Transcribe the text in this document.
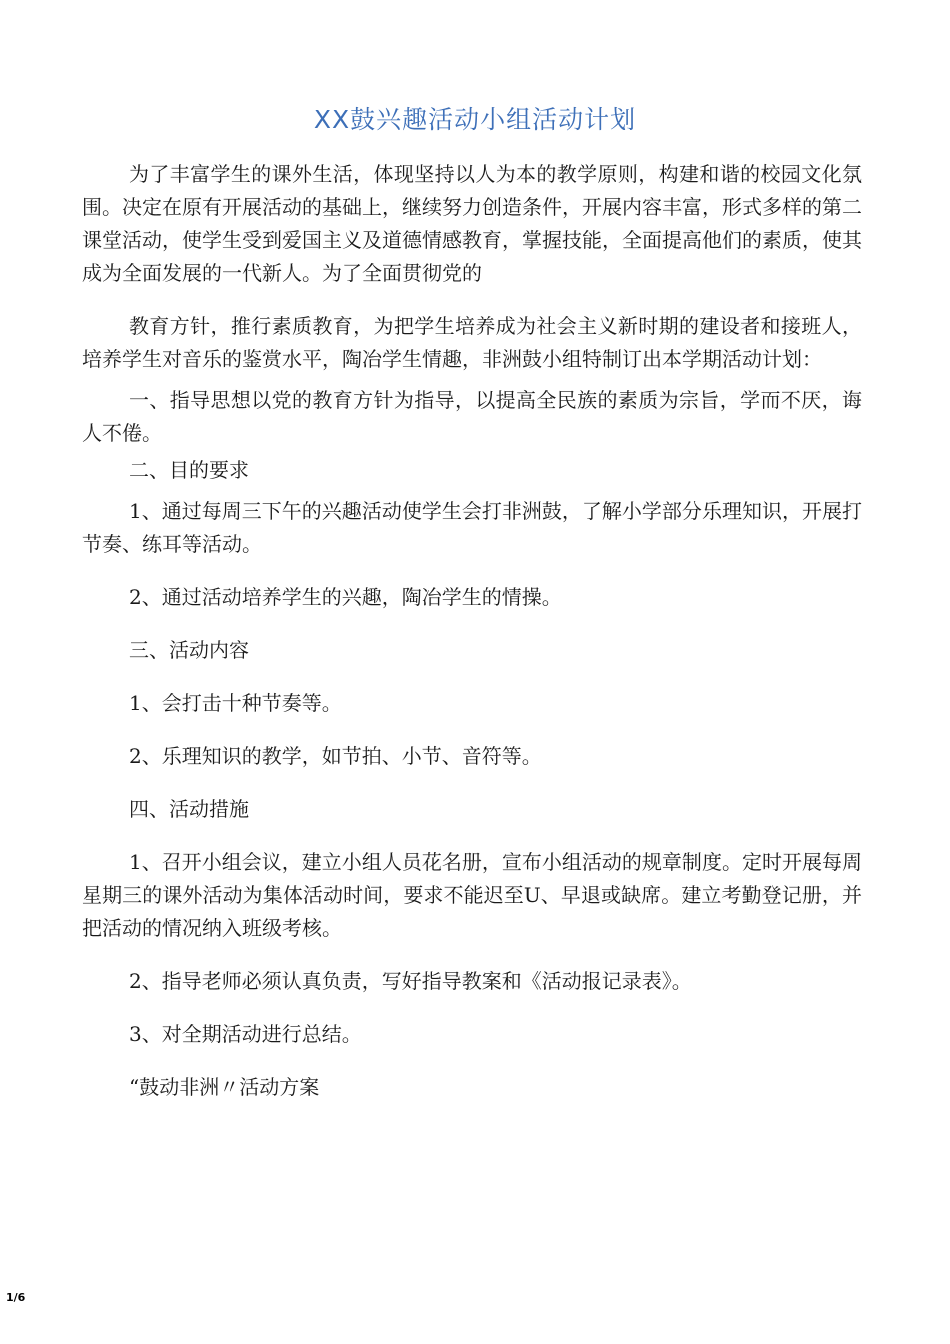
XX鼓兴趣活动小组活动计划

为了丰富学生的课外生活，体现坚持以人为本的教学原则，构建和谐的校园文化氛围。决定在原有开展活动的基础上，继续努力创造条件，开展内容丰富，形式多样的第二课堂活动，使学生受到爱国主义及道德情感教育，掌握技能，全面提高他们的素质，使其成为全面发展的一代新人。为了全面贯彻党的

教育方针，推行素质教育，为把学生培养成为社会主义新时期的建设者和接班人，培养学生对音乐的鉴赏水平，陶冶学生情趣，非洲鼓小组特制订出本学期活动计划：

一、指导思想以党的教育方针为指导，以提高全民族的素质为宗旨，学而不厌，诲人不倦。

二、目的要求

1、通过每周三下午的兴趣活动使学生会打非洲鼓，了解小学部分乐理知识，开展打节奏、练耳等活动。

2、通过活动培养学生的兴趣，陶冶学生的情操。

三、活动内容

1、会打击十种节奏等。

2、乐理知识的教学，如节拍、小节、音符等。

四、活动措施

1、召开小组会议，建立小组人员花名册，宣布小组活动的规章制度。定时开展每周星期三的课外活动为集体活动时间，要求不能迟至U、早退或缺席。建立考勤登记册，并把活动的情况纳入班级考核。

2、指导老师必须认真负责，写好指导教案和《活动报记录表》。

3、对全期活动进行总结。

“鼓动非洲〃活动方案

1/6
